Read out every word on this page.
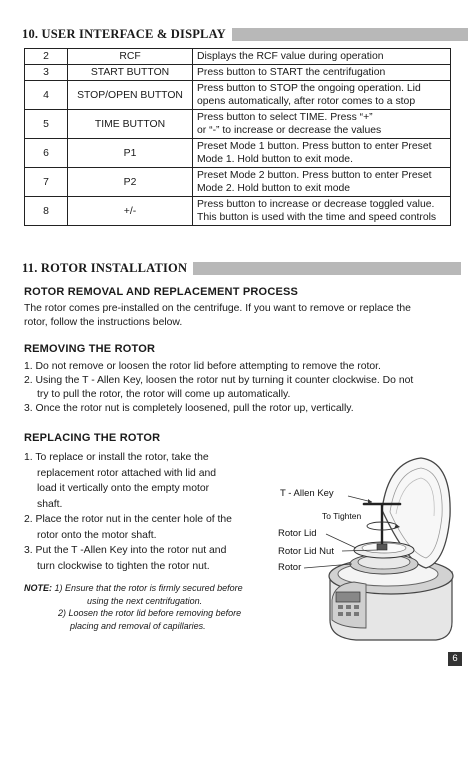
10. USER INTERFACE & DISPLAY
2	RCF	Displays the RCF value during operation

3	START BUTTON	Press button to START the centrifugation

4	STOP/OPEN BUTTON	Press button to STOP the ongoing operation. Lid
opens automatically, after rotor comes to a stop

5	TIME BUTTON	Press button to select TIME. Press “+”
or “-” to increase or decrease the values

6	P1	Preset Mode 1 button. Press button to enter Preset
Mode 1. Hold button to exit mode.

7	P2	Preset Mode 2 button. Press button to enter Preset
Mode 2. Hold button to exit mode

8	+/-	Press button to increase or decrease toggled value.
This button is used with the time and speed controls
11. ROTOR INSTALLATION
ROTOR REMOVAL AND REPLACEMENT PROCESS
The rotor comes pre-installed on the centrifuge. If you want to remove or replace the
rotor, follow the instructions below.
REMOVING THE ROTOR
1. Do not remove or loosen the rotor lid before attempting to remove the rotor.
2. Using the T - Allen Key, loosen the rotor nut by turning it counter clockwise. Do not
try to pull the rotor, the rotor will come up automatically.
3. Once the rotor nut is completely loosened, pull the rotor up, vertically.
REPLACING THE ROTOR
1. To replace or install the rotor, take the
replacement rotor attached with lid and
load it vertically onto the empty motor
shaft.
2. Place the rotor nut in the center hole of the
rotor onto the motor shaft.
3. Put the T -Allen Key into the rotor nut and
turn clockwise to tighten the rotor nut.
NOTE: 1) Ensure that the rotor is firmly secured before
using the next centrifugation.
2) Loosen the rotor lid before removing before
placing and removal of capillaries.
T - Allen Key
To Tighten
Rotor Lid
Rotor Lid Nut
Rotor
6
